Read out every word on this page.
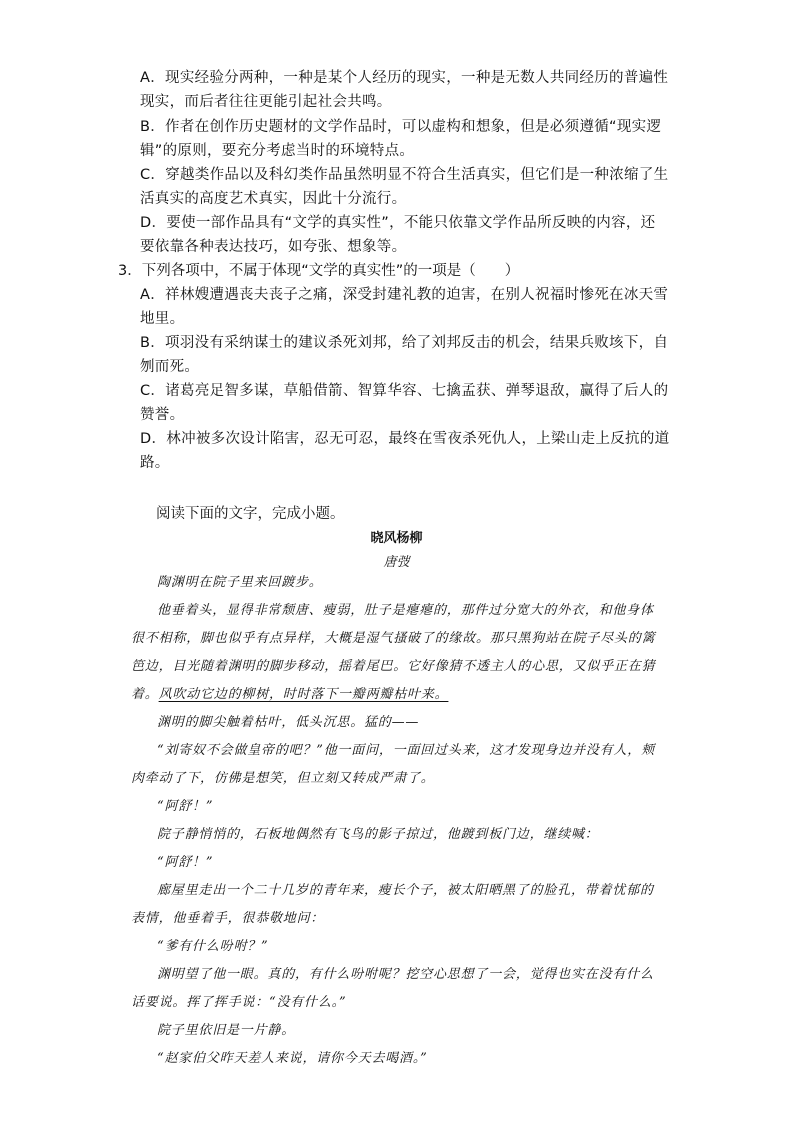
A．现实经验分两种，一种是某个人经历的现实，一种是无数人共同经历的普遍性现实，而后者往往更能引起社会共鸣。
B．作者在创作历史题材的文学作品时，可以虚构和想象，但是必须遵循“现实逻辑”的原则，要充分考虑当时的环境特点。
C．穿越类作品以及科幻类作品虽然明显不符合生活真实，但它们是一种浓缩了生活真实的高度艺术真实，因此十分流行。
D．要使一部作品具有“文学的真实性”，不能只依靠文学作品所反映的内容，还要依靠各种表达技巧，如夸张、想象等。
3．下列各项中，不属于体现“文学的真实性”的一项是（　　）
A．祥林嫂遭遇丧夫丧子之痛，深受封建礼教的迫害，在别人祝福时惨死在冰天雪地里。
B．项羽没有采纳谋士的建议杀死刘邦，给了刘邦反击的机会，结果兵败垓下，自刎而死。
C．诸葛亮足智多谋，草船借箭、智算华容、七擒孟获、弹琴退敌，赢得了后人的赞誉。
D．林冲被多次设计陷害，忍无可忍，最终在雪夜杀死仇人，上梁山走上反抗的道路。
阅读下面的文字，完成小题。
晓风杨柳
唐弢

陶渊明在院子里来回踱步。

他垂着头，显得非常颓唐、瘦弱，肚子是瘪瘪的，那件过分宽大的外衣，和他身体很不相称，脚也似乎有点异样，大概是湿气搔破了的缘故。那只黑狗站在院子尽头的篱笆边，目光随着渊明的脚步移动，摇着尾巴。它好像猜不透主人的心思，又似乎正在猜着。风吹动它边的柳树，时时落下一瓣两瓣枯叶来。

渊明的脚尖触着枯叶，低头沉思。猛的——

“刘寄奴不会做皇帝的吧？”他一面问，一面回过头来，这才发现身边并没有人，颊肉牵动了下，仿佛是想笑，但立刻又转成严肃了。

“阿舒！”

院子静悄悄的，石板地偶然有飞鸟的影子掠过，他踱到板门边，继续喊：

“阿舒！”

廊屋里走出一个二十几岁的青年来，瘦长个子，被太阳晒黑了的脸孔，带着忧郁的表情，他垂着手，很恭敬地问：

“爹有什么吩咐？”

渊明望了他一眼。真的，有什么吩咐呢？挖空心思想了一会，觉得也实在没有什么话要说。挥了挥手说：“没有什么。”

院子里依旧是一片静。

“赵家伯父昨天差人来说，请你今天去喝酒。”
